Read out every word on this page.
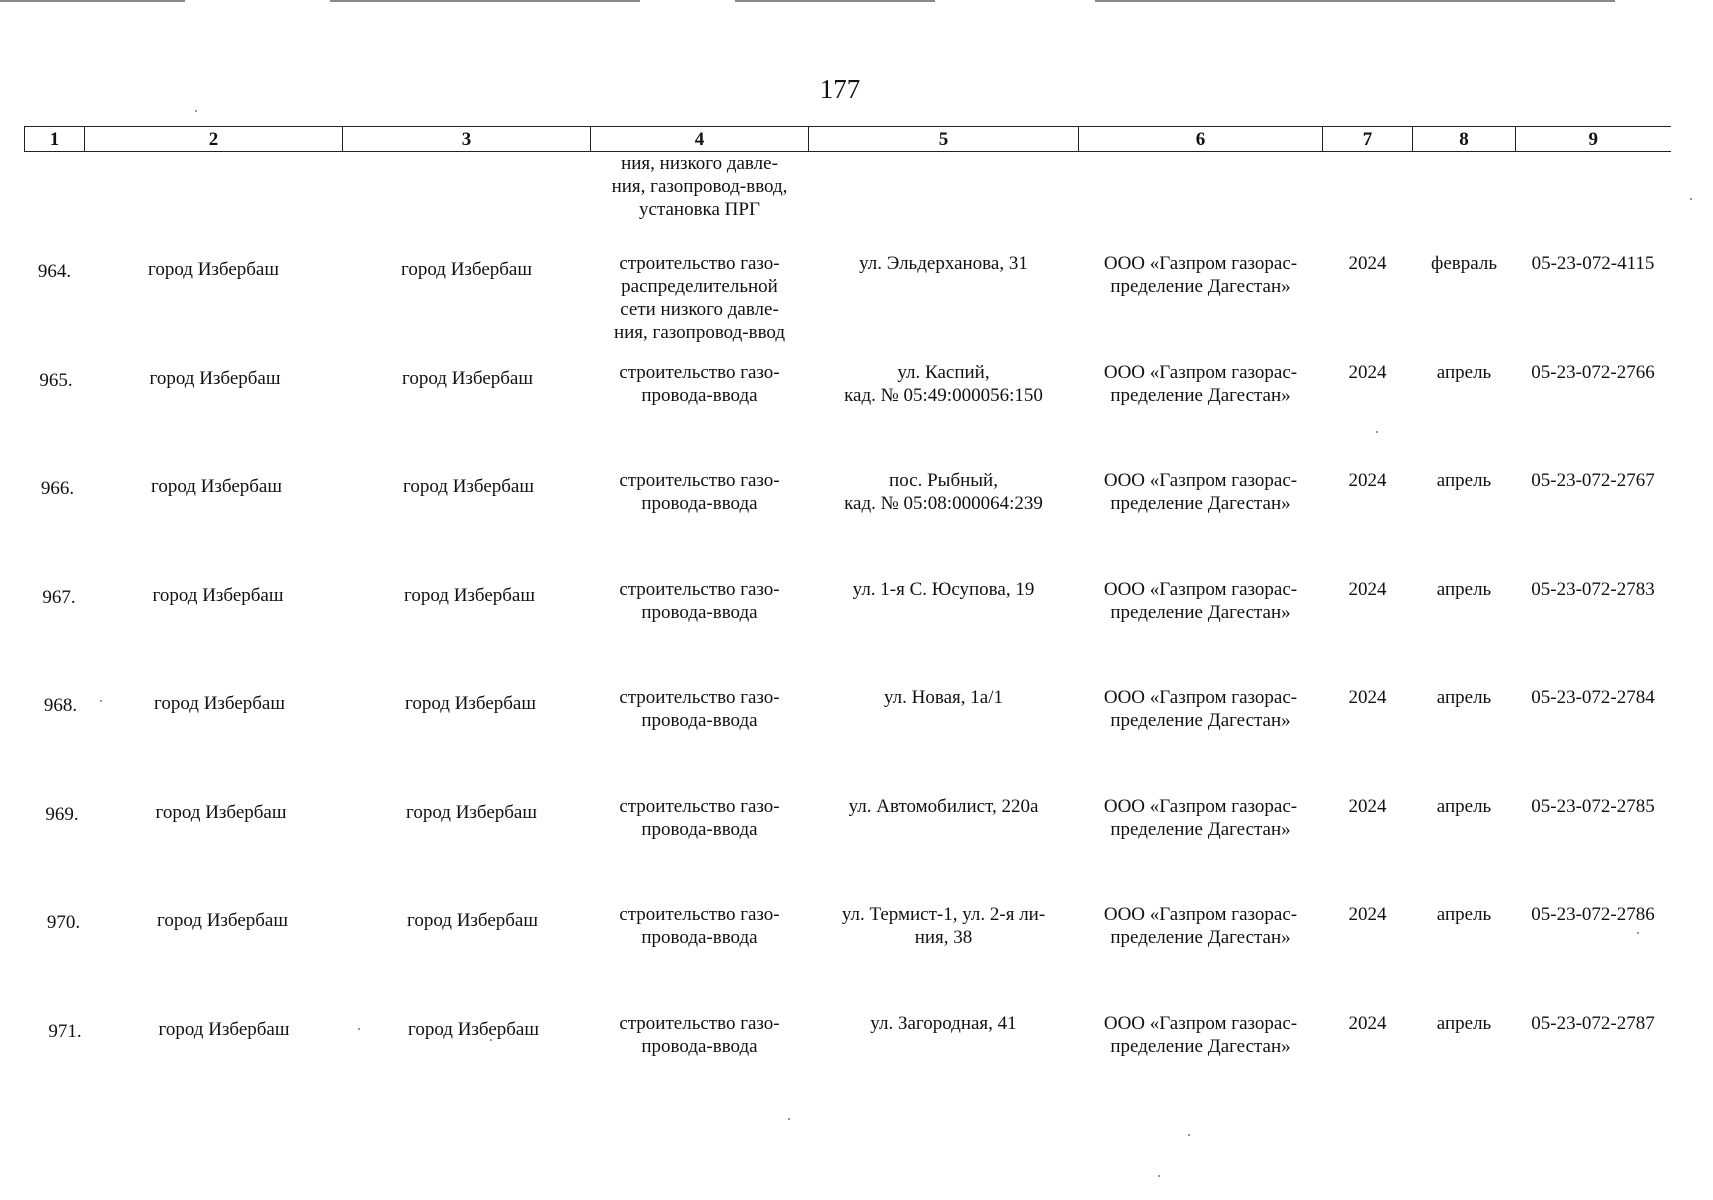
177
1	2	3	4	5	6	7	8	9

			ния, низкого давле-
ния, газопровод-ввод,
установка ПРГ					

964.	город Избербаш	город Избербаш	строительство газо-
распределительной
сети низкого давле-
ния, газопровод-ввод	ул. Эльдерханова, 31	ООО «Газпром газорас-
пределение Дагестан»	2024	февраль	05-23-072-4115

965.	город Избербаш	город Избербаш	строительство газо-
провода-ввода	ул. Каспий,
кад. № 05:49:000056:150	ООО «Газпром газорас-
пределение Дагестан»	2024	апрель	05-23-072-2766

966.	город Избербаш	город Избербаш	строительство газо-
провода-ввода	пос. Рыбный,
кад. № 05:08:000064:239	ООО «Газпром газорас-
пределение Дагестан»	2024	апрель	05-23-072-2767

967.	город Избербаш	город Избербаш	строительство газо-
провода-ввода	ул. 1-я С. Юсупова, 19	ООО «Газпром газорас-
пределение Дагестан»	2024	апрель	05-23-072-2783

968.	город Избербаш	город Избербаш	строительство газо-
провода-ввода	ул. Новая, 1а/1	ООО «Газпром газорас-
пределение Дагестан»	2024	апрель	05-23-072-2784

969.	город Избербаш	город Избербаш	строительство газо-
провода-ввода	ул. Автомобилист, 220а	ООО «Газпром газорас-
пределение Дагестан»	2024	апрель	05-23-072-2785

970.	город Избербаш	город Избербаш	строительство газо-
провода-ввода	ул. Термист-1, ул. 2-я ли-
ния, 38	ООО «Газпром газорас-
пределение Дагестан»	2024	апрель	05-23-072-2786

971.	город Избербаш	город Избербаш	строительство газо-
провода-ввода	ул. Загородная, 41	ООО «Газпром газорас-
пределение Дагестан»	2024	апрель	05-23-072-2787
